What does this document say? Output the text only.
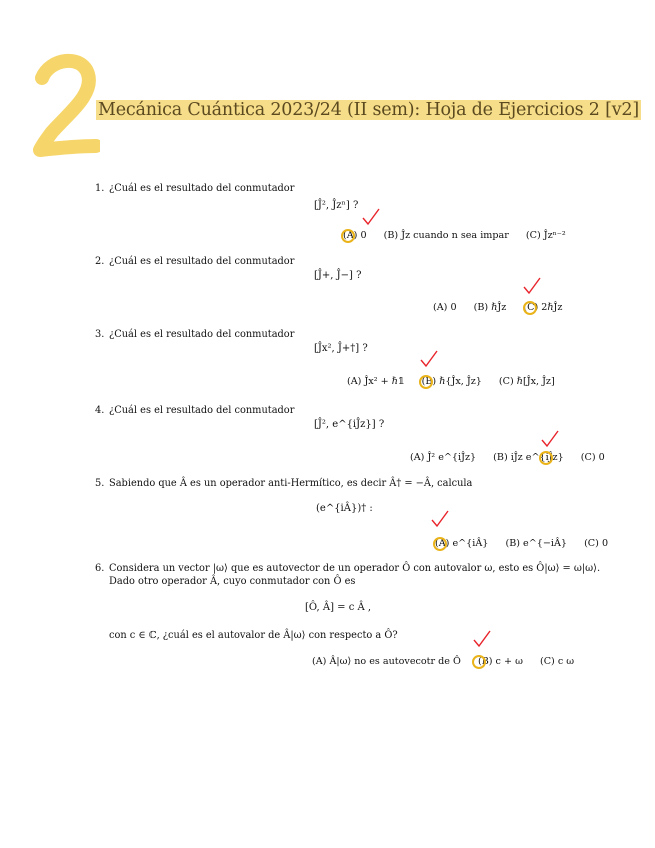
Mecánica Cuántica 2023/24 (II sem): Hoja de Ejercicios 2 [v2]
1. ¿Cuál es el resultado del conmutador
[Ĵ², Ĵzⁿ] ?
(A) 0 (B) Ĵz cuando n sea impar (C) Ĵzⁿ⁻²
2. ¿Cuál es el resultado del conmutador
[Ĵ+, Ĵ−] ?
(A) 0 (B) ℏĴz (C) 2ℏĴz
3. ¿Cuál es el resultado del conmutador
[Ĵx², Ĵ+†] ?
(A) Ĵx² + ℏ𝟙 (B) ℏ{Ĵx, Ĵz} (C) ℏ[Ĵx, Ĵz]
4. ¿Cuál es el resultado del conmutador
[Ĵ², e^{iĴz}] ?
(A) Ĵ² e^{iĴz} (B) iĴz e^{iĴz} (C) 0
5. Sabiendo que Â es un operador anti-Hermítico, es decir Â† = −Â, calcula
(e^{iÂ})† :
(A) e^{iÂ} (B) e^{−iÂ} (C) 0
6. Considera un vector |ω⟩ que es autovector de un operador Ô con autovalor ω, esto es Ô|ω⟩ = ω|ω⟩.
Dado otro operador Â, cuyo conmutador con Ô es
[Ô, Â] = c Â ,
con c ∈ ℂ, ¿cuál es el autovalor de Â|ω⟩ con respecto a Ô?
(A) Â|ω⟩ no es autovecotr de Ô (B) c + ω (C) c ω
